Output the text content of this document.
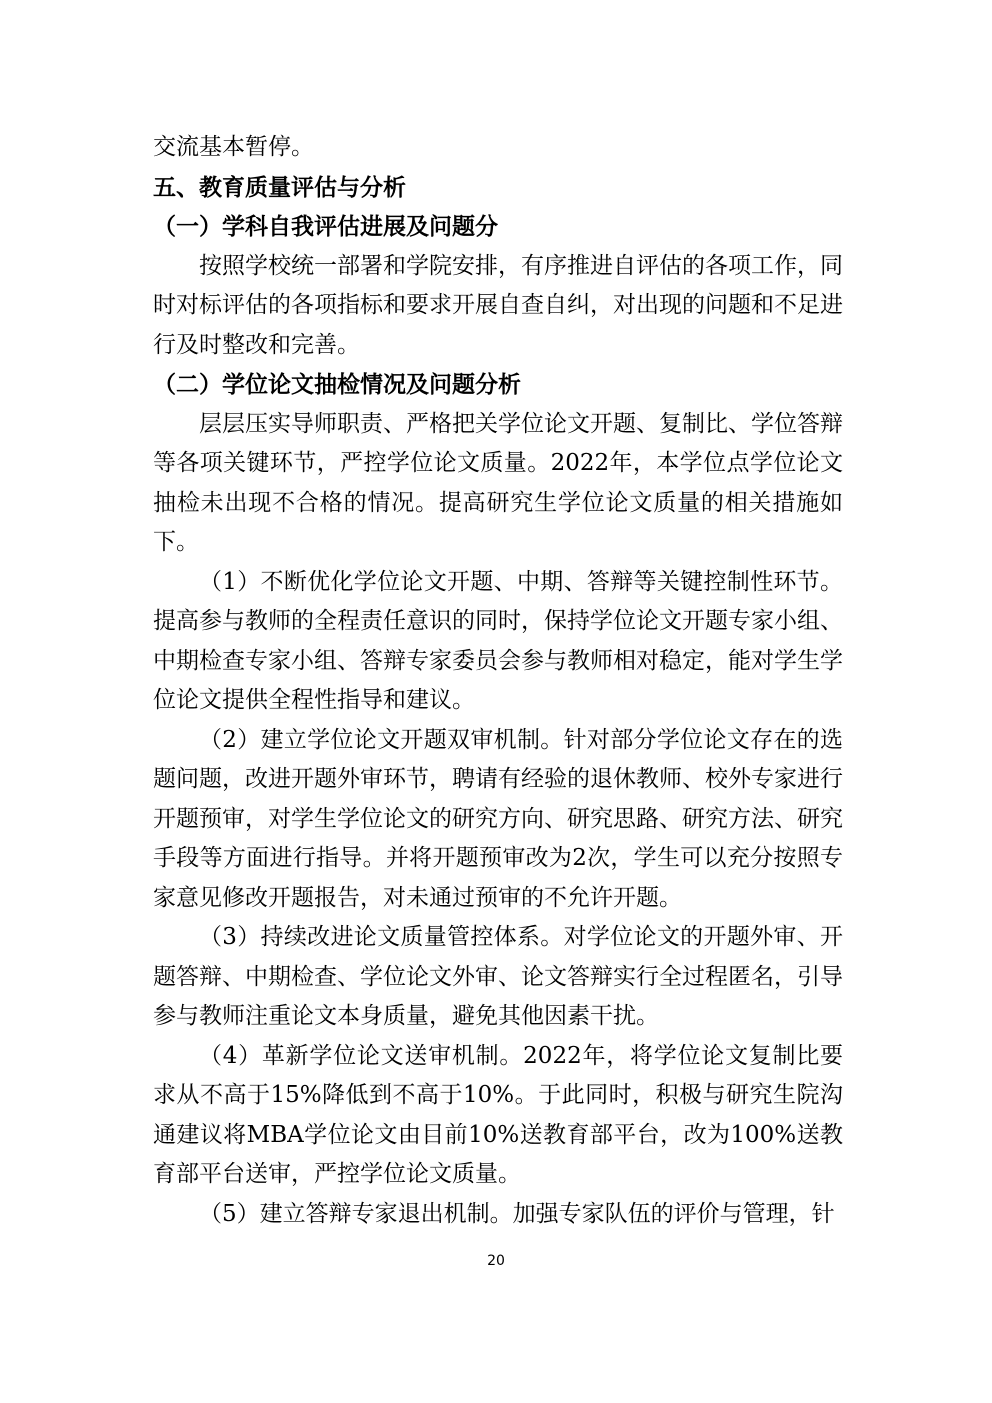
交流基本暂停。

五、教育质量评估与分析
（一）学科自我评估进展及问题分

按照学校统一部署和学院安排，有序推进自评估的各项工作，同时对标评估的各项指标和要求开展自查自纠，对出现的问题和不足进行及时整改和完善。

（二）学位论文抽检情况及问题分析

层层压实导师职责、严格把关学位论文开题、复制比、学位答辩等各项关键环节，严控学位论文质量。2022年，本学位点学位论文抽检未出现不合格的情况。提高研究生学位论文质量的相关措施如下。

（1）不断优化学位论文开题、中期、答辩等关键控制性环节。提高参与教师的全程责任意识的同时，保持学位论文开题专家小组、中期检查专家小组、答辩专家委员会参与教师相对稳定，能对学生学位论文提供全程性指导和建议。

（2）建立学位论文开题双审机制。针对部分学位论文存在的选题问题，改进开题外审环节，聘请有经验的退休教师、校外专家进行开题预审，对学生学位论文的研究方向、研究思路、研究方法、研究手段等方面进行指导。并将开题预审改为2次，学生可以充分按照专家意见修改开题报告，对未通过预审的不允许开题。

（3）持续改进论文质量管控体系。对学位论文的开题外审、开题答辩、中期检查、学位论文外审、论文答辩实行全过程匿名，引导参与教师注重论文本身质量，避免其他因素干扰。

（4）革新学位论文送审机制。2022年，将学位论文复制比要求从不高于15%降低到不高于10%。于此同时，积极与研究生院沟通建议将MBA学位论文由目前10%送教育部平台，改为100%送教育部平台送审，严控学位论文质量。

（5）建立答辩专家退出机制。加强专家队伍的评价与管理，针

20
